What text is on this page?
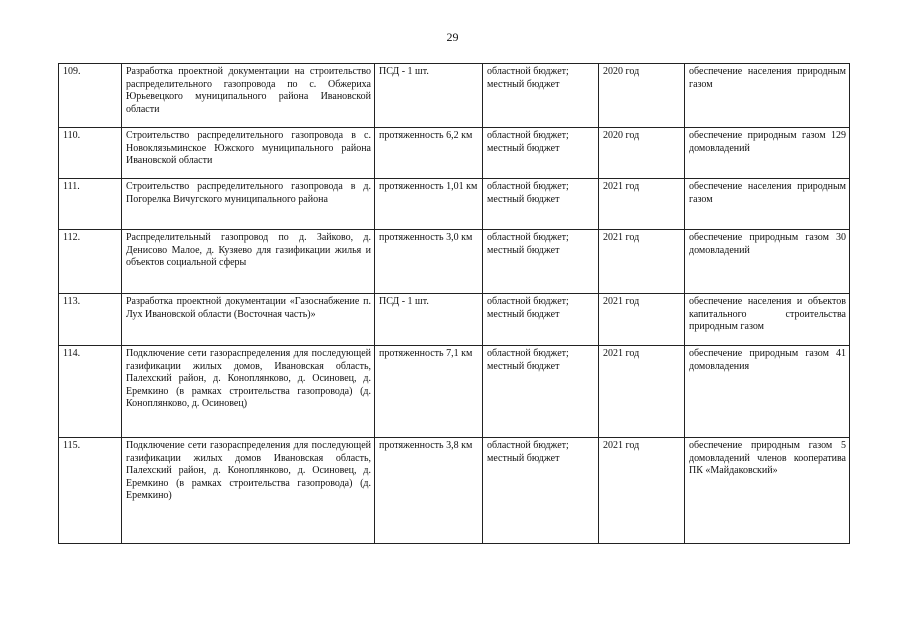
29
109.	Разработка проектной документации на строительство распределительного газопровода по с. Обжериха Юрьевецкого муниципального района Ивановской области	ПСД - 1 шт.	областной бюджет; местный бюджет	2020 год	обеспечение населения природным газом
110.	Строительство распределительного газопровода в с. Новоклязьминское Южского муниципального района Ивановской области	протяженность 6,2 км	областной бюджет; местный бюджет	2020 год	обеспечение природным газом 129 домовладений
111.	Строительство распределительного газопровода в д. Погорелка Вичугского муниципального района	протяженность 1,01 км	областной бюджет; местный бюджет	2021 год	обеспечение населения природным газом
112.	Распределительный газопровод по д. Зайково, д. Денисово Малое, д. Кузяево для газификации жилья и объектов социальной сферы	протяженность 3,0 км	областной бюджет; местный бюджет	2021 год	обеспечение природным газом 30 домовладений
113.	Разработка проектной документации «Газоснабжение п. Лух Ивановской области (Восточная часть)»	ПСД - 1 шт.	областной бюджет; местный бюджет	2021 год	обеспечение населения и объектов капитального строительства природным газом
114.	Подключение сети газораспределения для последующей газификации жилых домов, Ивановская область, Палехский район, д. Коноплянково, д. Осиновец, д. Еремкино (в рамках строительства газопровода) (д. Коноплянково, д. Осиновец)	протяженность 7,1 км	областной бюджет; местный бюджет	2021 год	обеспечение природным газом 41 домовладения
115.	Подключение сети газораспределения для последующей газификации жилых домов Ивановская область, Палехский район, д. Коноплянково, д. Осиновец, д. Еремкино (в рамках строительства газопровода) (д. Еремкино)	протяженность 3,8 км	областной бюджет; местный бюджет	2021 год	обеспечение природным газом 5 домовладений членов кооператива ПК «Майдаковский»
